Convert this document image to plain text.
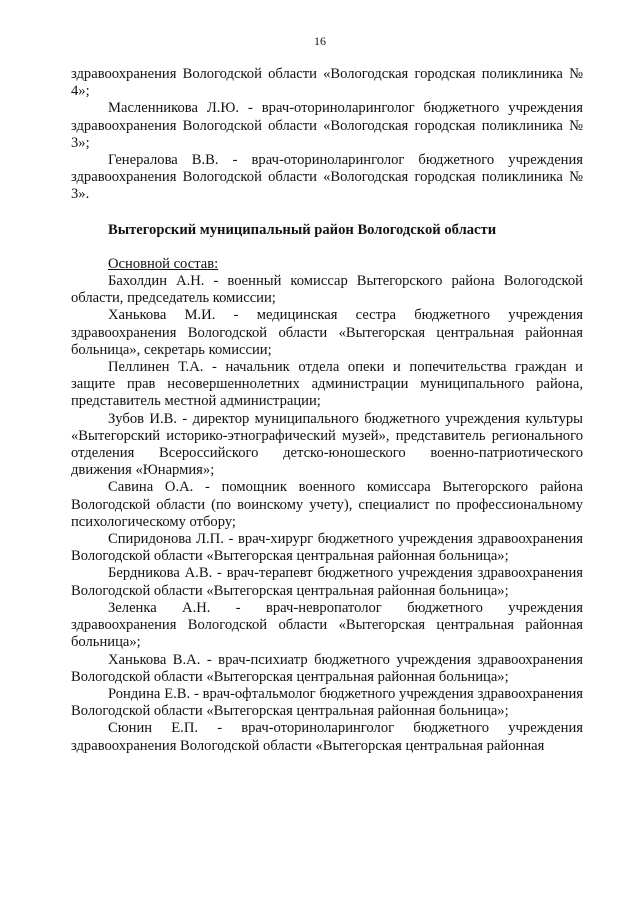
16

здравоохранения Вологодской области «Вологодская городская поликлиника № 4»;

Масленникова Л.Ю. - врач-оториноларинголог бюджетного учреждения здравоохранения Вологодской области «Вологодская городская поликлиника № 3»;

Генералова В.В. - врач-оториноларинголог бюджетного учреждения здравоохранения Вологодской области «Вологодская городская поликлиника № 3».

Вытегорский муниципальный район Вологодской области

Основной состав:

Бахолдин А.Н. - военный комиссар Вытегорского района Вологодской области, председатель комиссии;

Ханькова М.И. - медицинская сестра бюджетного учреждения здравоохранения Вологодской области «Вытегорская центральная районная больница», секретарь комиссии;

Пеллинен Т.А. - начальник отдела опеки и попечительства граждан и защите прав несовершеннолетних администрации муниципального района, представитель местной администрации;

Зубов И.В. - директор муниципального бюджетного учреждения культуры «Вытегорский историко-этнографический музей», представитель регионального отделения Всероссийского детско-юношеского военно-патриотического движения «Юнармия»;

Савина О.А. - помощник военного комиссара Вытегорского района Вологодской области (по воинскому учету), специалист по профессиональному психологическому отбору;

Спиридонова Л.П. - врач-хирург бюджетного учреждения здравоохранения Вологодской области «Вытегорская центральная районная больница»;

Бердникова А.В. - врач-терапевт бюджетного учреждения здравоохранения Вологодской области «Вытегорская центральная районная больница»;

Зеленка А.Н. - врач-невропатолог бюджетного учреждения здравоохранения Вологодской области «Вытегорская центральная районная больница»;

Ханькова В.А. - врач-психиатр бюджетного учреждения здравоохранения Вологодской области «Вытегорская центральная районная больница»;

Рондина Е.В. - врач-офтальмолог бюджетного учреждения здравоохранения Вологодской области «Вытегорская центральная районная больница»;

Сюнин Е.П. - врач-оториноларинголог бюджетного учреждения здравоохранения Вологодской области «Вытегорская центральная районная
